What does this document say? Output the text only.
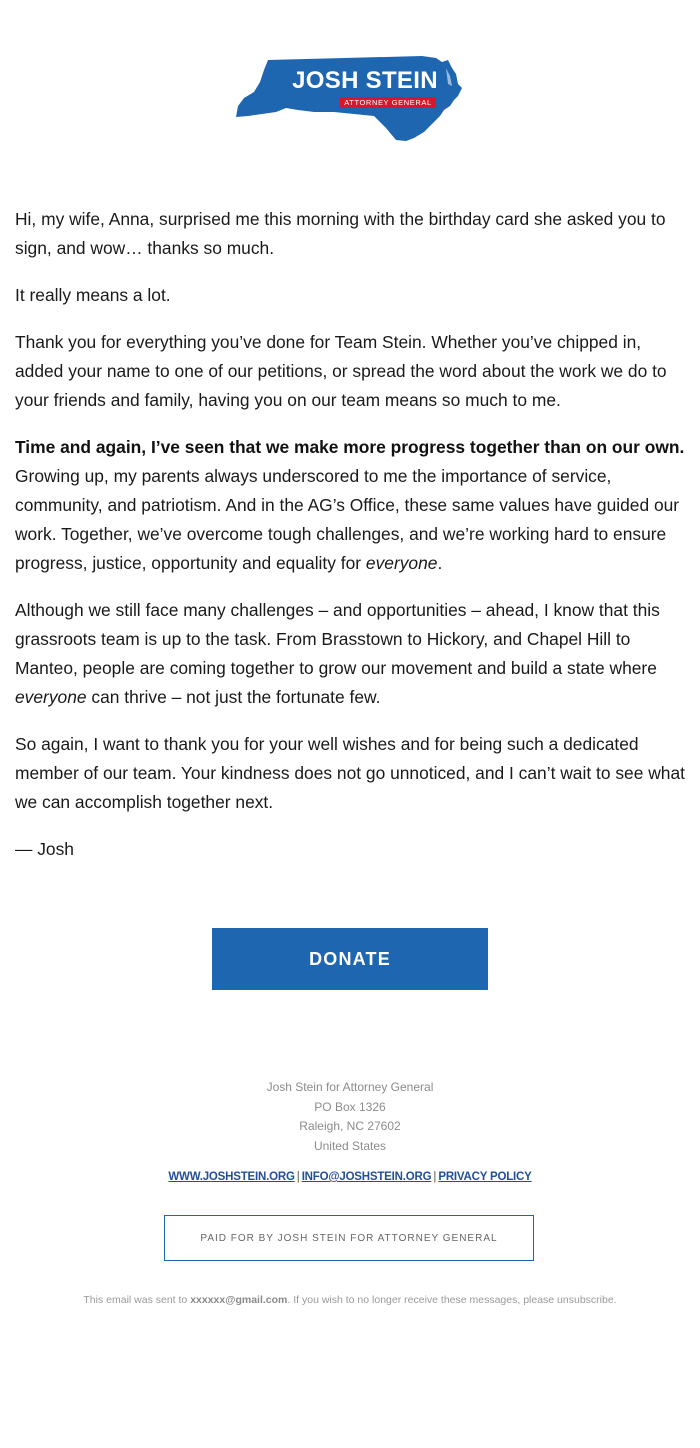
JOSH STEIN
ATTORNEY GENERAL

Hi, my wife, Anna, surprised me this morning with the birthday card she asked you to sign, and wow… thanks so much.

It really means a lot.

Thank you for everything you’ve done for Team Stein. Whether you’ve chipped in, added your name to one of our petitions, or spread the word about the work we do to your friends and family, having you on our team means so much to me.

Time and again, I’ve seen that we make more progress together than on our own. Growing up, my parents always underscored to me the importance of service, community, and patriotism. And in the AG’s Office, these same values have guided our work. Together, we’ve overcome tough challenges, and we’re working hard to ensure progress, justice, opportunity and equality for everyone.

Although we still face many challenges – and opportunities – ahead, I know that this grassroots team is up to the task. From Brasstown to Hickory, and Chapel Hill to Manteo, people are coming together to grow our movement and build a state where everyone can thrive – not just the fortunate few.

So again, I want to thank you for your well wishes and for being such a dedicated member of our team. Your kindness does not go unnoticed, and I can’t wait to see what we can accomplish together next.

— Josh

DONATE
Josh Stein for Attorney General
PO Box 1326
Raleigh, NC 27602
United States
WWW.JOSHSTEIN.ORG | INFO@JOSHSTEIN.ORG | PRIVACY POLICY
PAID FOR BY JOSH STEIN FOR ATTORNEY GENERAL
This email was sent to xxxxxx@gmail.com. If you wish to no longer receive these messages, please unsubscribe.
